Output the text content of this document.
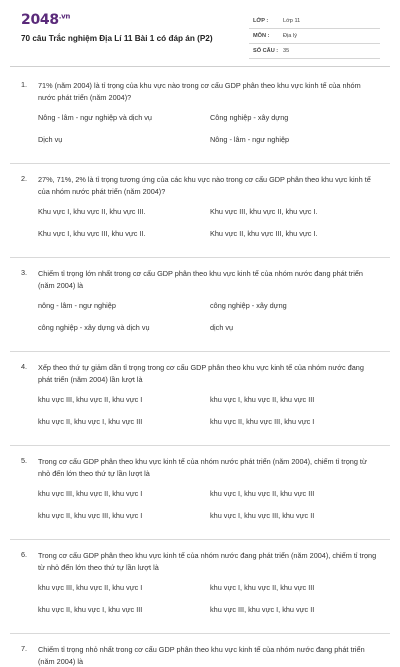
$2048^{.vn}$
70 câu Trắc nghiệm Địa Lí 11 Bài 1 có đáp án (P2)
LỚP :	Lớp 11
MÔN : Địa lý
SỐ CÂU : 35
1. 71% (năm 2004) là tỉ trọng của khu vực nào trong cơ cấu GDP phân theo khu vực kinh tế của nhóm nước phát triển (năm 2004)?
Nông - lâm - ngư nghiệp và dịch vụ	Công nghiệp - xây dựng
Dịch vụ	Nông - lâm - ngư nghiệp
2. 27%, 71%, 2% là tỉ trọng tương ứng của các khu vực nào trong cơ cấu GDP phân theo khu vực kinh tế của nhóm nước phát triển (năm 2004)?
Khu vực I, khu vực II, khu vực III.	Khu vực III, khu vực II, khu vực I.
Khu vực I, khu vực III, khu vực II.	Khu vực II, khu vực III, khu vực I.
3. Chiếm tỉ trọng lớn nhất trong cơ cấu GDP phân theo khu vực kinh tế của nhóm nước đang phát triển (năm 2004) là
nông - lâm - ngư nghiệp	công nghiệp - xây dựng
công nghiệp - xây dựng và dịch vụ	dịch vụ
4. Xếp theo thứ tự giảm dần tỉ trọng trong cơ cấu GDP phân theo khu vực kinh tế của nhóm nước đang phát triển (năm 2004) lần lượt là
khu vực III, khu vực II, khu vực I	khu vực I, khu vực II, khu vực III
khu vực II, khu vực I, khu vực III	khu vực II, khu vực III, khu vực I
5. Trong cơ cấu GDP phân theo khu vực kinh tế của nhóm nước phát triển (năm 2004), chiếm tỉ trọng từ nhỏ đến lớn theo thứ tự lần lượt là
khu vực III, khu vực II, khu vực I	khu vực I, khu vực II, khu vực III
khu vực II, khu vực III, khu vực I	khu vực I, khu vực III, khu vực II
6. Trong cơ cấu GDP phân theo khu vực kinh tế của nhóm nước đang phát triển (năm 2004), chiếm tỉ trọng từ nhỏ đến lớn theo thứ tự lần lượt là
khu vực III, khu vực II, khu vực I	khu vực I, khu vực II, khu vực III
khu vực II, khu vực I, khu vực III	khu vực III, khu vực I, khu vực II
7. Chiếm tỉ trọng nhỏ nhất trong cơ cấu GDP phân theo khu vực kinh tế của nhóm nước đang phát triển (năm 2004) là
